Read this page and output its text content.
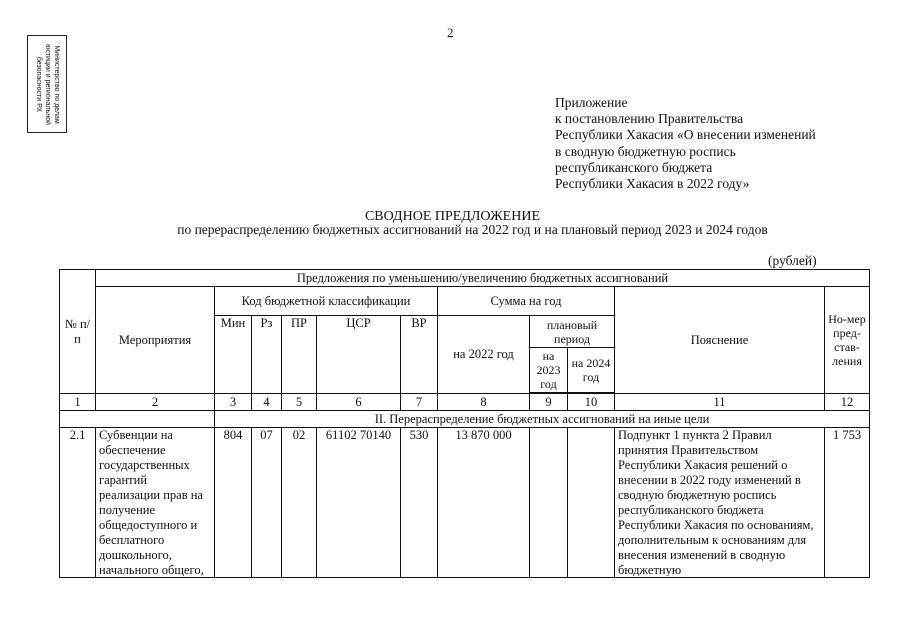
2
Министерство по делам
юстиции и региональной
безопасности РХ	Приложение
к постановлению Правительства
Республики Хакасия «О внесении изменений
в сводную бюджетную роспись
республиканского бюджета
Республики Хакасия в 2022 году»
СВОДНОЕ ПРЕДЛОЖЕНИЕ
по перераспределению бюджетных ассигнований на 2022 год и на плановый период 2023 и 2024 годов
(рублей)
№ п/п	Предложения по уменьшению/увеличению бюджетных ассигнований										
	Мероприятия	Код бюджетной классификации					Сумма на год			Пояснение	Но-мер пред-став-ления
		Мин	Рз	ПР	ЦСР	ВР	на 2022 год	плановый период			
								на 2023 год	на 2024 год		

1	2	3	4	5	6	7	8	9	10	11	12
		II. Перераспределение бюджетных ассигнований на иные цели									

2.1	Субвенции на обеспечение государственных гарантий реализации прав на получение общедоступного и бесплатного дошкольного, начального общего,	804	07	02	61102 70140	530	13 870 000			Подпункт 1 пункта 2 Правил принятия Правительством Республики Хакасия решений о внесении в 2022 году изменений в сводную бюджетную роспись республиканского бюджета Республики Хакасия по основаниям, дополнительным к основаниям для внесения изменений в сводную бюджетную	1 753
